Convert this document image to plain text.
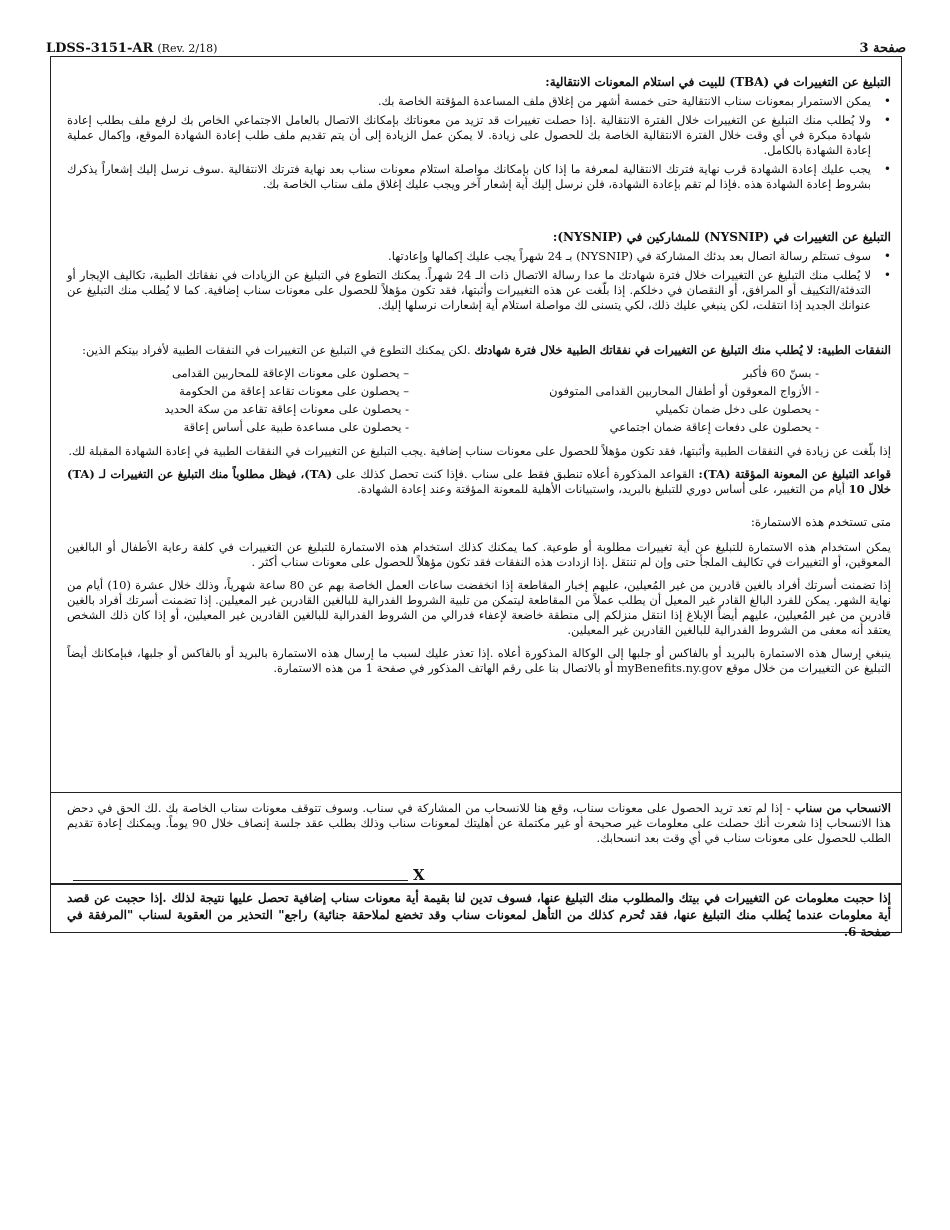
LDSS-3151-AR (Rev. 2/18)	صفحة 3
التبليغ عن التغييرات في (TBA) للبيت في استلام المعونات الانتقالية:
• يمكن الاستمرار بمعونات سناب الانتقالية حتى خمسة أشهر من إغلاق ملف المساعدة المؤقتة الخاصة بك.
• ولا يُطلب منك التبليغ عن التغييرات خلال الفترة الانتقالية .إذا حصلت تغييرات قد تزيد من معوناتك بإمكانك الاتصال بالعامل الاجتماعي الخاص بك لرفع ملف بطلب إعادة شهادة مبكرة في أي وقت خلال الفترة الانتقالية الخاصة بك للحصول على زيادة. لا يمكن عمل الزيادة إلى أن يتم تقديم ملف طلب إعادة الشهادة الموقع، وإكمال عملية إعادة الشهادة بالكامل.
• يجب عليك إعادة الشهادة قرب نهاية فترتك الانتقالية لمعرفة ما إذا كان بإمكانك مواصلة استلام معونات سناب بعد نهاية فترتك الانتقالية .سوف نرسل إليك إشعاراً يذكرك بشروط إعادة الشهادة هذه .فإذا لم تقم بإعادة الشهادة، فلن نرسل إليك أية إشعار آخر ويجب عليك إغلاق ملف سناب الخاصة بك.
التبليغ عن التغييرات في (NYSNIP) للمشاركين في (NYSNIP):
• سوف تستلم رسالة اتصال بعد بدئك المشاركة في (NYSNIP) بـ 24 شهراً يجب عليك إكمالها وإعادتها.
• لا يُطلب منك التبليغ عن التغييرات خلال فترة شهادتك ما عدا رسالة الاتصال ذات الـ 24 شهراً. يمكنك التطوع في التبليغ عن الزيادات في نفقاتك الطبية، تكاليف الإيجار أو التدفئة/التكييف أو المرافق، أو النقصان في دخلكم. إذا بلّغت عن هذه التغييرات وأثبتها، فقد تكون مؤهلاً للحصول على معونات سناب إضافية. كما لا يُطلب منك التبليغ عن عنوانك الجديد إذا انتقلت، لكن ينبغي عليك ذلك، لكي يتسنى لك مواصلة استلام أية إشعارات نرسلها إليك.

النفقات الطبية: لا يُطلب منك التبليغ عن التغييرات في نفقاتك الطبية خلال فترة شهادتك .لكن يمكنك التطوع في التبليغ عن التغييرات في النفقات الطبية لأفراد بيتكم الذين:

- بسنّ 60 فأكبر
- الأزواج المعوقون أو أطفال المحاربين القدامى المتوفون
- يحصلون على دخل ضمان تكميلي
- يحصلون على دفعات إعاقة ضمان اجتماعي
– يحصلون على معونات الإعاقة للمحاربين القدامى
– يحصلون على معونات تقاعد إعاقة من الحكومة
- يحصلون على معونات إعاقة تقاعد من سكة الحديد
- يحصلون على مساعدة طبية على أساس إعاقة

إذا بلّغت عن زيادة في النفقات الطبية وأثبتها، فقد تكون مؤهلاً للحصول على معونات سناب إضافية .يجب التبليغ عن التغييرات في النفقات الطبية في إعادة الشهادة المقبلة لك.

قواعد التبليغ عن المعونة المؤقتة (TA): القواعد المذكورة أعلاه تنطبق فقط على سناب .فإذا كنت تحصل كذلك على (TA)، فيظل مطلوباً منك التبليغ عن التغييرات لـ (TA) خلال 10 أيام من التغيير، على أساس دوري للتبليغ بالبريد، واستبيانات الأهلية للمعونة المؤقتة وعند إعادة الشهادة.

متى تستخدم هذه الاستمارة:

يمكن استخدام هذه الاستمارة للتبليغ عن أية تغييرات مطلوبة أو طوعية. كما يمكنك كذلك استخدام هذه الاستمارة للتبليغ عن التغييرات في كلفة رعاية الأطفال أو البالغين المعوقين، أو التغييرات في تكاليف الملجأ حتى وإن لم تنتقل .إذا ازدادت هذه النفقات فقد تكون مؤهلاً للحصول على معونات سناب أكثر .

إذا تضمنت أسرتك أفراد بالغين قادرين من غير المُعيلين، عليهم إخبار المقاطعة إذا انخفضت ساعات العمل الخاصة بهم عن 80 ساعة شهرياً، وذلك خلال عشرة (10) أيام من نهاية الشهر. يمكن للفرد البالغ القادر غير المعيل أن يطلب عملاً من المقاطعة ليتمكن من تلبية الشروط الفدرالية للبالغين القادرين غير المعيلين. إذا تضمنت أسرتك أفراد بالغين قادرين من غير المُعيلين، عليهم أيضاً الإبلاغ إذا انتقل منزلكم إلى منطقة خاضعة لإعفاء فدرالي من الشروط الفدرالية للبالغين القادرين غير المعيلين، أو إذا كان ذلك الشخص يعتقد أنه معفى من الشروط الفدرالية للبالغين القادرين غير المعيلين.

ينبغي إرسال هذه الاستمارة بالبريد أو بالفاكس أو جلبها إلى الوكالة المذكورة أعلاه .إذا تعذر عليك لسبب ما إرسال هذه الاستمارة بالبريد أو بالفاكس أو جلبها، فبإمكانك أيضاً التبليغ عن التغييرات من خلال موقع myBenefits.ny.gov أو بالاتصال بنا على رقم الهاتف المذكور في صفحة 1 من هذه الاستمارة.

الانسحاب من سناب - إذا لم تعد تريد الحصول على معونات سناب، وقع هنا للانسحاب من المشاركة في سناب. وسوف تتوقف معونات سناب الخاصة بك .لك الحق في دحض هذا الانسحاب إذا شعرت أنك حصلت على معلومات غير صحيحة أو غير مكتملة عن أهليتك لمعونات سناب وذلك بطلب عقد جلسة إنصاف خلال 90 يوماً. ويمكنك إعادة تقديم الطلب للحصول على معونات سناب في أي وقت بعد انسحابك.
X
إذا حجبت معلومات عن التغييرات في بيتك والمطلوب منك التبليغ عنها، فسوف تدين لنا بقيمة أية معونات سناب إضافية تحصل عليها نتيجة لذلك .إذا حجبت عن قصد أية معلومات عندما يُطلب منك التبليغ عنها، فقد تُحرم كذلك من التأهل لمعونات سناب وقد تخضع لملاحقة جنائية) راجع" التحذير من العقوبة لسناب "المرفقة في صفحة 6.
